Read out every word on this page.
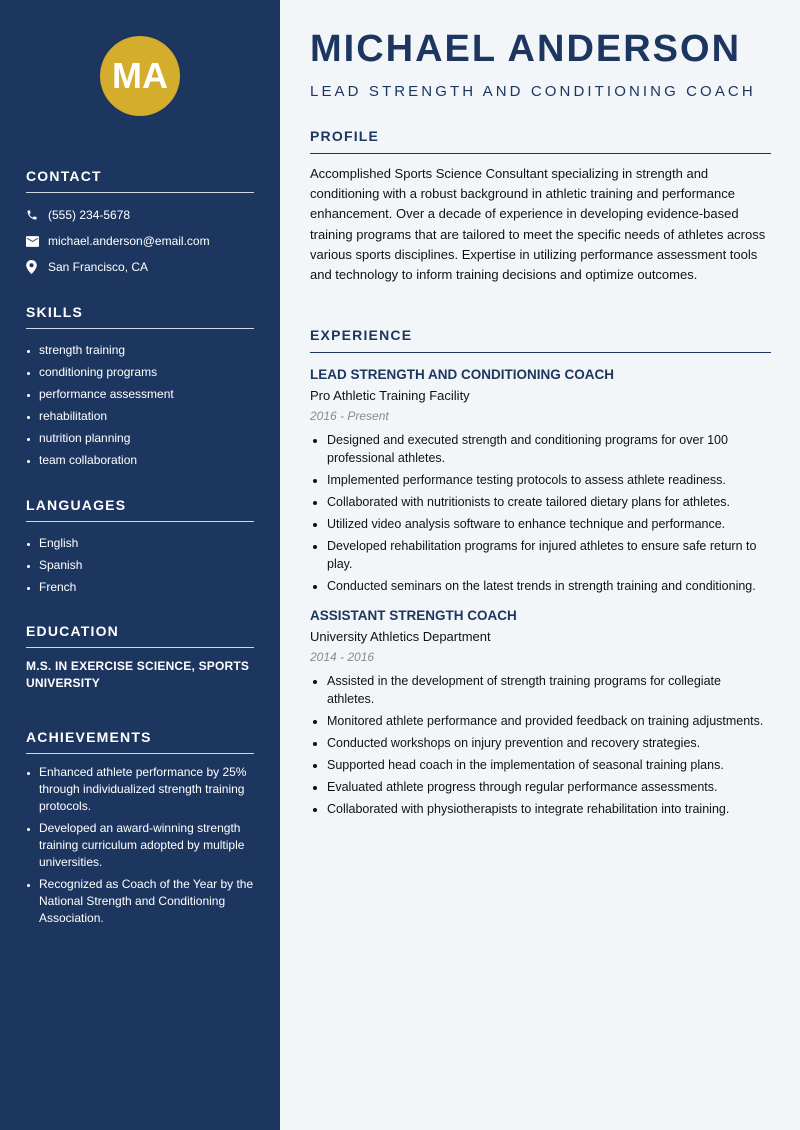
MA
CONTACT
(555) 234-5678
michael.anderson@email.com
San Francisco, CA
SKILLS
• strength training
• conditioning programs
• performance assessment
• rehabilitation
• nutrition planning
• team collaboration
LANGUAGES
• English
• Spanish
• French
EDUCATION
M.S. IN EXERCISE SCIENCE, SPORTS UNIVERSITY
ACHIEVEMENTS
• Enhanced athlete performance by 25% through individualized strength training protocols.
• Developed an award-winning strength training curriculum adopted by multiple universities.
• Recognized as Coach of the Year by the National Strength and Conditioning Association.
MICHAEL ANDERSON
LEAD STRENGTH AND CONDITIONING COACH
PROFILE

Accomplished Sports Science Consultant specializing in strength and conditioning with a robust background in athletic training and performance enhancement. Over a decade of experience in developing evidence-based training programs that are tailored to meet the specific needs of athletes across various sports disciplines. Expertise in utilizing performance assessment tools and technology to inform training decisions and optimize outcomes.

EXPERIENCE
LEAD STRENGTH AND CONDITIONING COACH
Pro Athletic Training Facility
2016 - Present
• Designed and executed strength and conditioning programs for over 100 professional athletes.
• Implemented performance testing protocols to assess athlete readiness.
• Collaborated with nutritionists to create tailored dietary plans for athletes.
• Utilized video analysis software to enhance technique and performance.
• Developed rehabilitation programs for injured athletes to ensure safe return to play.
• Conducted seminars on the latest trends in strength training and conditioning.
ASSISTANT STRENGTH COACH
University Athletics Department
2014 - 2016
• Assisted in the development of strength training programs for collegiate athletes.
• Monitored athlete performance and provided feedback on training adjustments.
• Conducted workshops on injury prevention and recovery strategies.
• Supported head coach in the implementation of seasonal training plans.
• Evaluated athlete progress through regular performance assessments.
• Collaborated with physiotherapists to integrate rehabilitation into training.
